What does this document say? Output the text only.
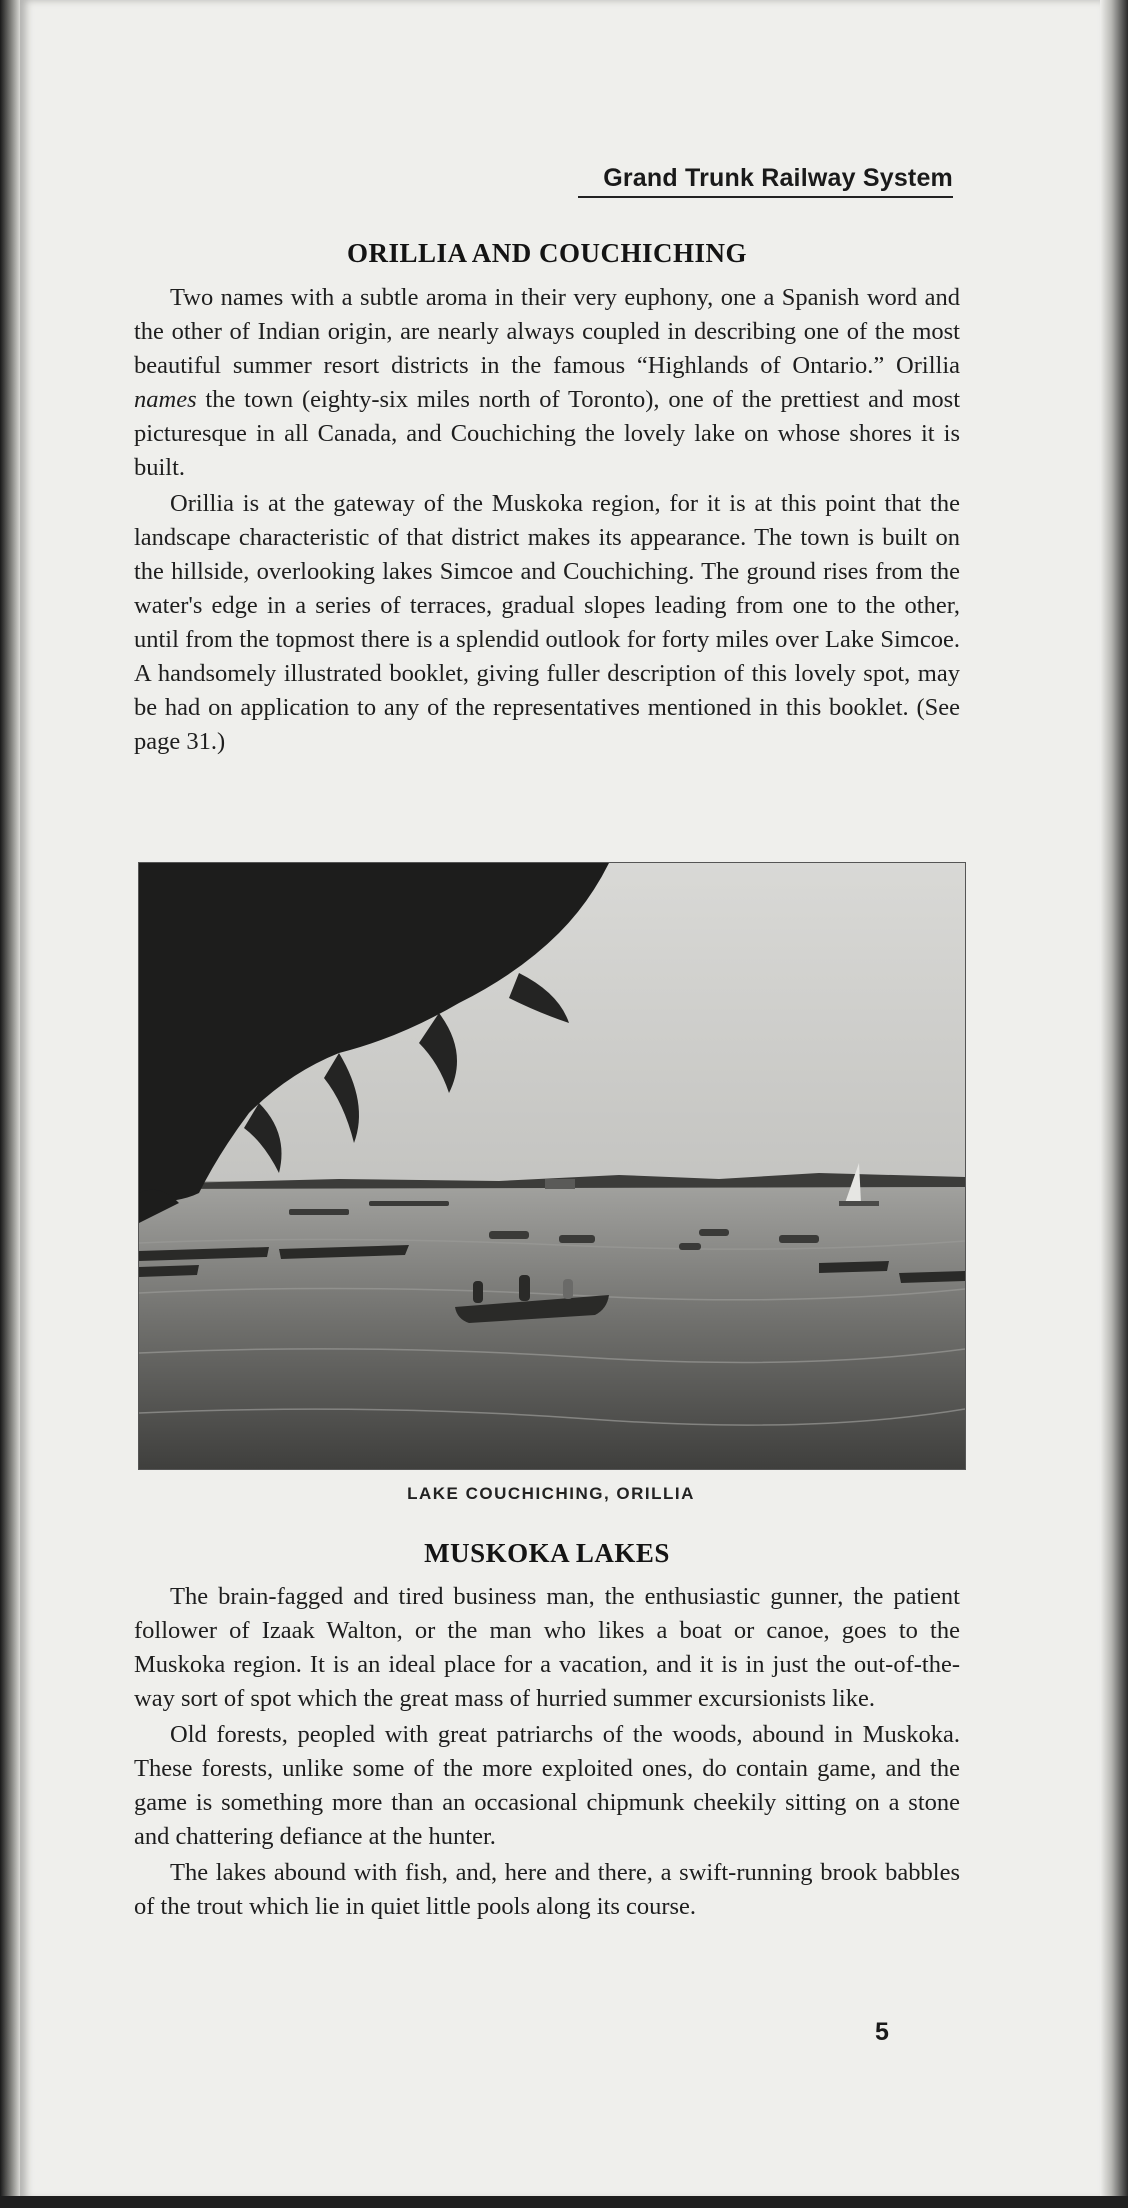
Grand Trunk Railway System
ORILLIA AND COUCHICHING

Two names with a subtle aroma in their very euphony, one a Spanish word and the other of Indian origin, are nearly always coupled in describing one of the most beautiful summer resort districts in the famous “Highlands of Ontario.” Orillia names the town (eighty-six miles north of Toronto), one of the prettiest and most picturesque in all Canada, and Couchiching the lovely lake on whose shores it is built.

Orillia is at the gateway of the Muskoka region, for it is at this point that the landscape characteristic of that district makes its appearance. The town is built on the hillside, overlooking lakes Simcoe and Couchiching. The ground rises from the water's edge in a series of terraces, gradual slopes leading from one to the other, until from the topmost there is a splendid outlook for forty miles over Lake Simcoe. A handsomely illustrated booklet, giving fuller description of this lovely spot, may be had on application to any of the representatives mentioned in this booklet. (See page 31.)

LAKE COUCHICHING, ORILLIA
MUSKOKA LAKES

The brain-fagged and tired business man, the enthusiastic gunner, the patient follower of Izaak Walton, or the man who likes a boat or canoe, goes to the Muskoka region. It is an ideal place for a vacation, and it is in just the out-of-the-way sort of spot which the great mass of hurried summer excursionists like.

Old forests, peopled with great patriarchs of the woods, abound in Muskoka. These forests, unlike some of the more exploited ones, do contain game, and the game is something more than an occasional chipmunk cheekily sitting on a stone and chattering defiance at the hunter.

The lakes abound with fish, and, here and there, a swift-running brook babbles of the trout which lie in quiet little pools along its course.

5
